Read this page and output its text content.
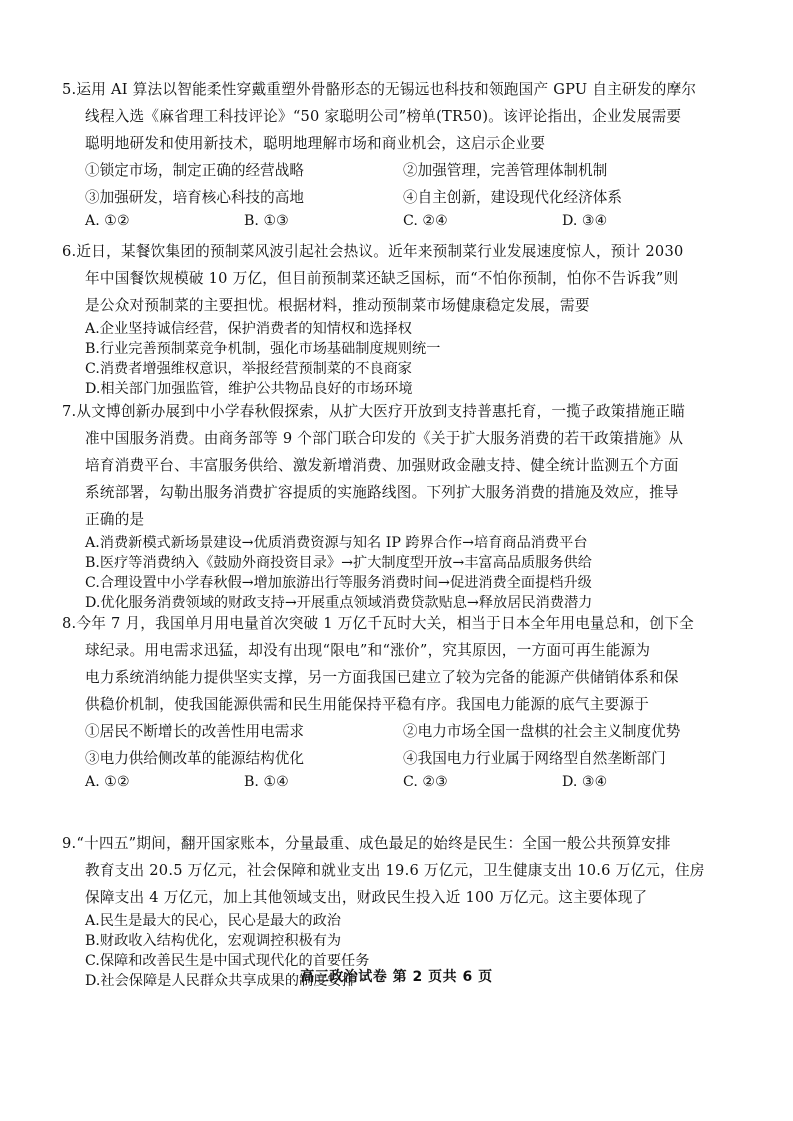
5.运用 AI 算法以智能柔性穿戴重塑外骨骼形态的无锡远也科技和领跑国产 GPU 自主研发的摩尔
线程入选《麻省理工科技评论》“50 家聪明公司”榜单(TR50)。该评论指出，企业发展需要
聪明地研发和使用新技术，聪明地理解市场和商业机会，这启示企业要
①锁定市场，制定正确的经营战略	②加强管理，完善管理体制机制
③加强研发，培育核心科技的高地	④自主创新，建设现代化经济体系
A. ①②	B. ①③	C. ②④	D. ③④
6.近日，某餐饮集团的预制菜风波引起社会热议。近年来预制菜行业发展速度惊人，预计 2030
年中国餐饮规模破 10 万亿，但目前预制菜还缺乏国标，而“不怕你预制，怕你不告诉我”则
是公众对预制菜的主要担忧。根据材料，推动预制菜市场健康稳定发展，需要
A.企业坚持诚信经营，保护消费者的知情权和选择权
B.行业完善预制菜竞争机制，强化市场基础制度规则统一
C.消费者增强维权意识，举报经营预制菜的不良商家
D.相关部门加强监管，维护公共物品良好的市场环境
7.从文博创新办展到中小学春秋假探索，从扩大医疗开放到支持普惠托育，一揽子政策措施正瞄
准中国服务消费。由商务部等 9 个部门联合印发的《关于扩大服务消费的若干政策措施》从
培育消费平台、丰富服务供给、激发新增消费、加强财政金融支持、健全统计监测五个方面
系统部署，勾勒出服务消费扩容提质的实施路线图。下列扩大服务消费的措施及效应，推导
正确的是
A.消费新模式新场景建设→优质消费资源与知名 IP 跨界合作→培育商品消费平台
B.医疗等消费纳入《鼓励外商投资目录》→扩大制度型开放→丰富高品质服务供给
C.合理设置中小学春秋假→增加旅游出行等服务消费时间→促进消费全面提档升级
D.优化服务消费领域的财政支持→开展重点领域消费贷款贴息→释放居民消费潜力
8.今年 7 月，我国单月用电量首次突破 1 万亿千瓦时大关，相当于日本全年用电量总和，创下全
球纪录。用电需求迅猛，却没有出现“限电”和“涨价”，究其原因，一方面可再生能源为
电力系统消纳能力提供坚实支撑，另一方面我国已建立了较为完备的能源产供储销体系和保
供稳价机制，使我国能源供需和民生用能保持平稳有序。我国电力能源的底气主要源于
①居民不断增长的改善性用电需求	②电力市场全国一盘棋的社会主义制度优势
③电力供给侧改革的能源结构优化	④我国电力行业属于网络型自然垄断部门
A. ①②	B. ①④	C. ②③	D. ③④
9.“十四五”期间，翻开国家账本，分量最重、成色最足的始终是民生：全国一般公共预算安排
教育支出 20.5 万亿元，社会保障和就业支出 19.6 万亿元，卫生健康支出 10.6 万亿元，住房
保障支出 4 万亿元，加上其他领域支出，财政民生投入近 100 万亿元。这主要体现了
A.民生是最大的民心，民心是最大的政治
B.财政收入结构优化，宏观调控积极有为
C.保障和改善民生是中国式现代化的首要任务
D.社会保障是人民群众共享成果的制度安排
高三政治试卷 第 2 页共 6 页
